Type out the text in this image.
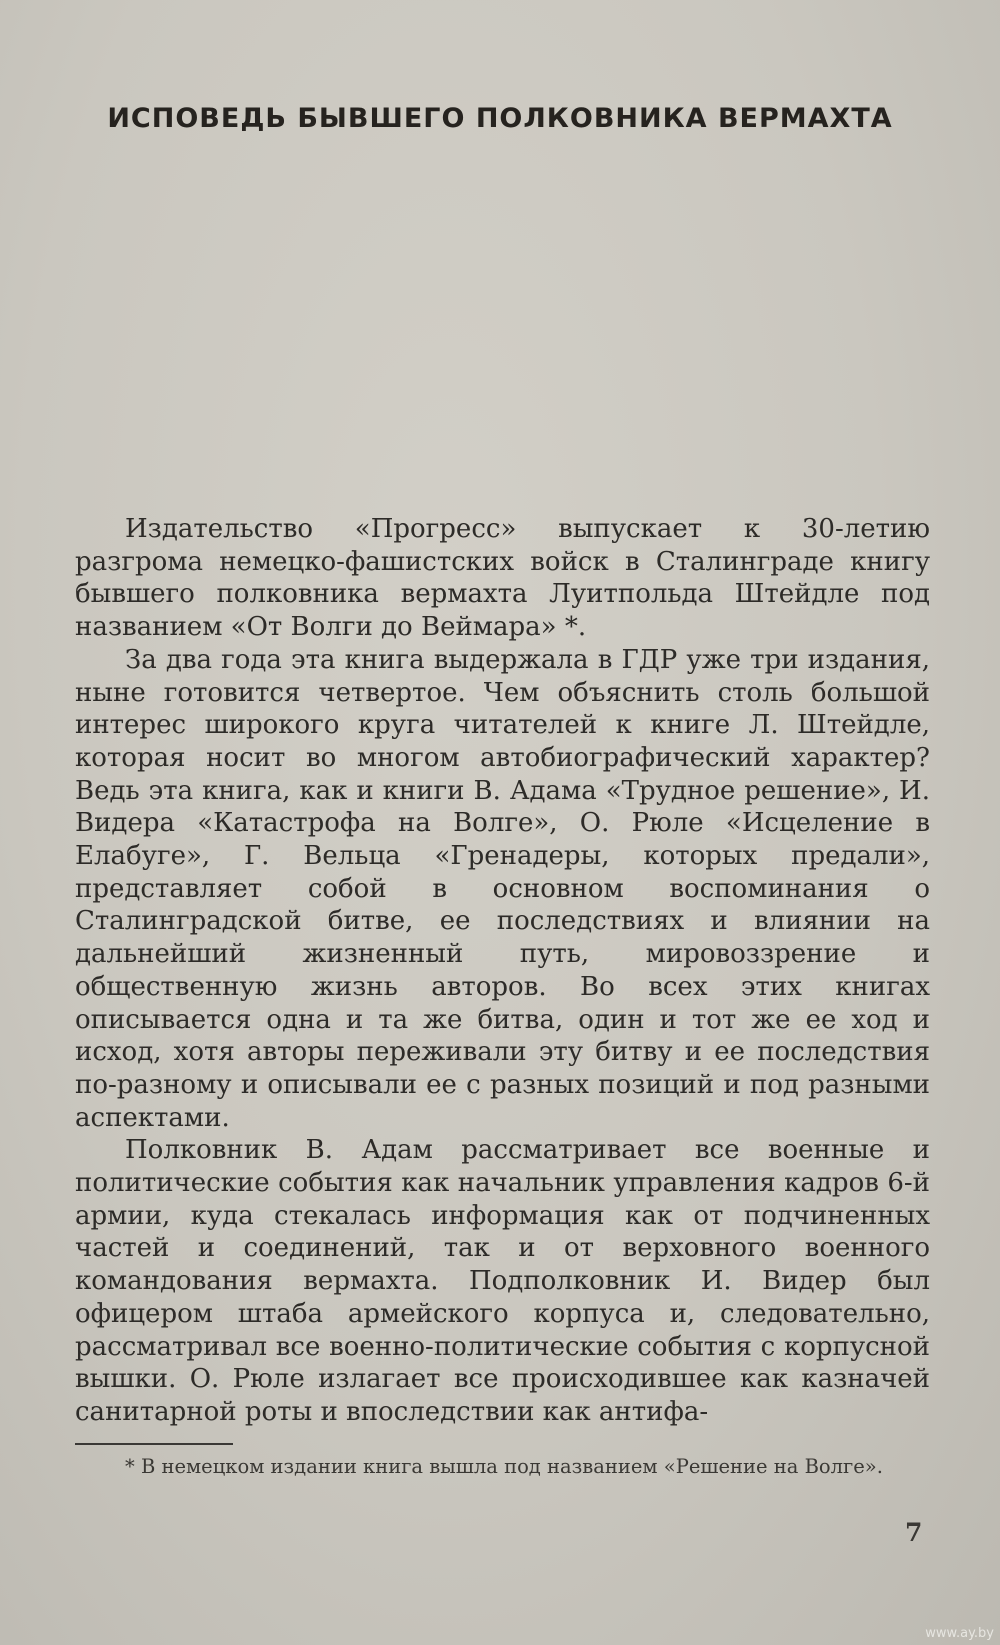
ИСПОВЕДЬ БЫВШЕГО ПОЛКОВНИКА ВЕРМАХТА

Издательство «Прогресс» выпускает к 30-летию разгрома немецко-фашистских войск в Сталинграде книгу бывшего полковника вермахта Луитпольда Штейдле под названием «От Волги до Веймара» *.

За два года эта книга выдержала в ГДР уже три издания, ныне готовится четвертое. Чем объяснить столь большой интерес широкого круга читателей к книге Л. Штейдле, которая носит во многом автобиографический характер? Ведь эта книга, как и книги В. Адама «Трудное решение», И. Видера «Катастрофа на Волге», О. Рюле «Исцеление в Елабуге», Г. Вельца «Гренадеры, которых предали», представляет собой в основном воспоминания о Сталинградской битве, ее последствиях и влиянии на дальнейший жизненный путь, мировоззрение и общественную жизнь авторов. Во всех этих книгах описывается одна и та же битва, один и тот же ее ход и исход, хотя авторы переживали эту битву и ее последствия по-разному и описывали ее с разных позиций и под разными аспектами.

Полковник В. Адам рассматривает все военные и политические события как начальник управления кадров 6-й армии, куда стекалась информация как от подчиненных частей и соединений, так и от верховного военного командования вермахта. Подполковник И. Видер был офицером штаба армейского корпуса и, следовательно, рассматривал все военно-политические события с корпусной вышки. О. Рюле излагает все происходившее как казначей санитарной роты и впоследствии как антифа-

* В немецком издании книга вышла под названием «Решение на Волге».

7
www.ay.by
